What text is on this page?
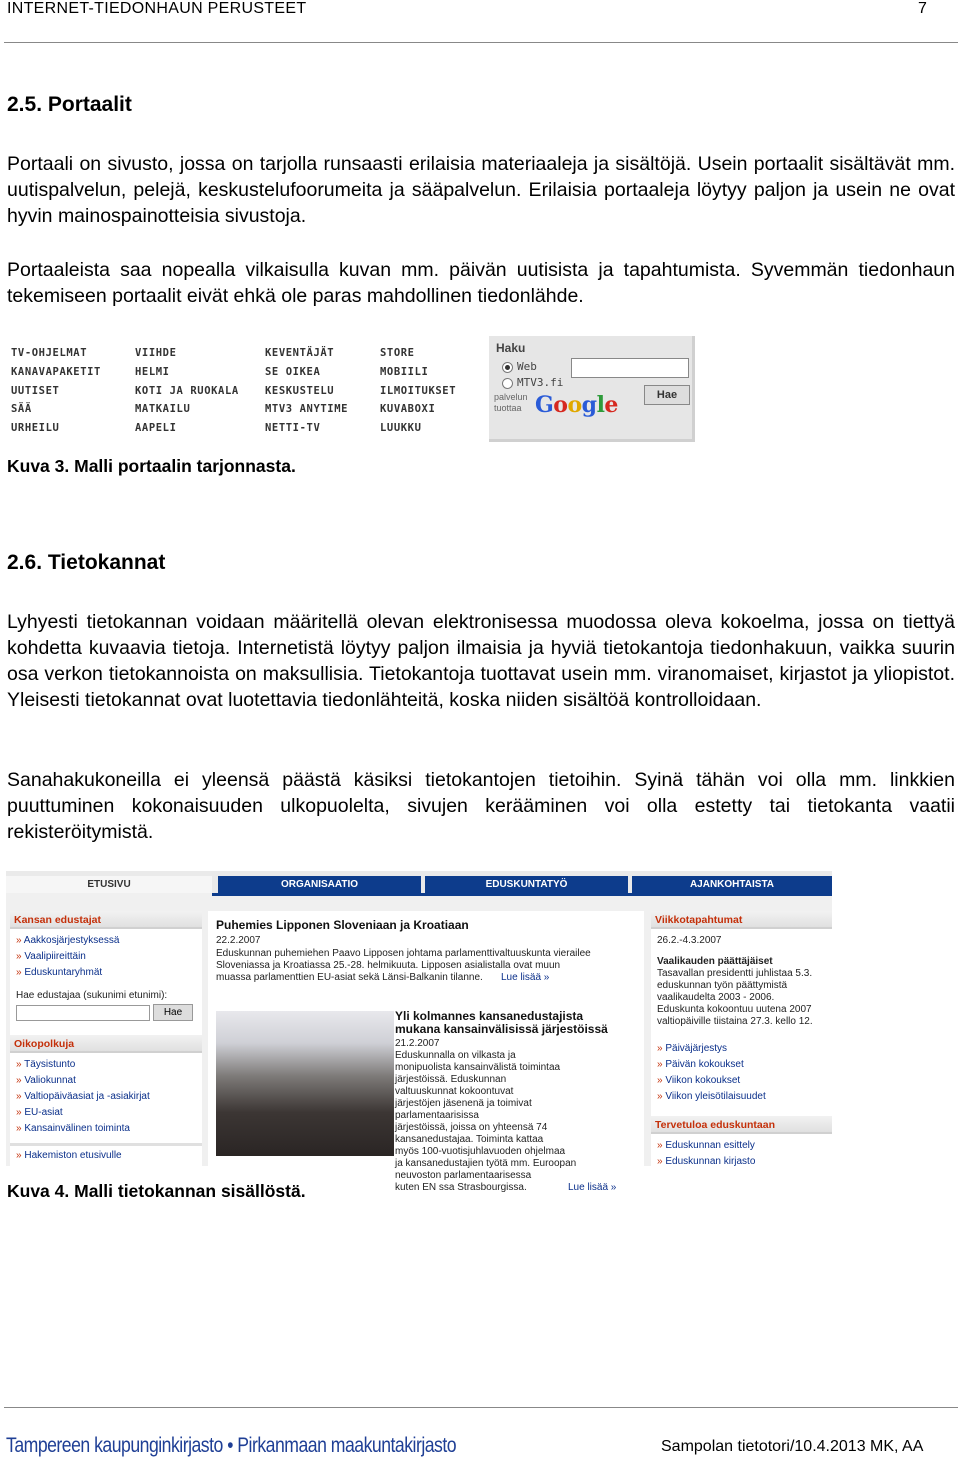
INTERNET-TIEDONHAUN PERUSTEET	7
2.5. Portaalit

Portaali on sivusto, jossa on tarjolla runsaasti erilaisia materiaaleja ja sisältöjä. Usein portaalit sisältävät mm. uutispalvelun, pelejä, keskustelufoorumeita ja sääpalvelun. Erilaisia portaaleja löytyy paljon ja usein ne ovat hyvin mainospainotteisia sivustoja.

Portaaleista saa nopealla vilkaisulla kuvan mm. päivän uutisista ja tapahtumista. Syvemmän tiedonhaun tekemiseen portaalit eivät ehkä ole paras mahdollinen tiedonlähde.

TV-OHJELMAT
KANAVAPAKETIT
UUTISET
SÄÄ
URHEILU
VIIHDE
HELMI
KOTI JA RUOKALA
MATKAILU
AAPELI
KEVENTÄJÄT
SE OIKEA
KESKUSTELU
MTV3 ANYTIME
NETTI-TV
STORE
MOBIILI
ILMOITUKSET
KUVABOXI
LUUKKU
Haku
Web
MTV3.fi
Hae
palvelun tuottaa Google
Kuva 3. Malli portaalin tarjonnasta.
2.6. Tietokannat

Lyhyesti tietokannan voidaan määritellä olevan elektronisessa muodossa oleva kokoelma, jossa on tiettyä kohdetta kuvaavia tietoja. Internetistä löytyy paljon ilmaisia ja hyviä tietokantoja tiedonhakuun, vaikka suurin osa verkon tietokannoista on maksullisia. Tietokantoja tuottavat usein mm. viranomaiset, kirjastot ja yliopistot. Yleisesti tietokannat ovat luotettavia tiedonlähteitä, koska niiden sisältöä kontrolloidaan.

Sanahakukoneilla ei yleensä päästä käsiksi tietokantojen tietoihin. Syinä tähän voi olla mm. linkkien puuttuminen kokonaisuuden ulkopuolelta, sivujen kerääminen voi olla estetty tai tietokanta vaatii rekisteröitymistä.

ETUSIVU	ORGANISAATIO	EDUSKUNTATYÖ	AJANKOHTAISTA
Kansan edustajat
» Aakkosjärjestyksessä
» Vaalipiireittäin
» Eduskuntaryhmät
Hae edustajaa (sukunimi etunimi):
Hae
Oikopolkuja
» Täysistunto
» Valiokunnat
» Valtiopäiväasiat ja -asiakirjat
» EU-asiat
» Kansainvälinen toiminta
» Hakemiston etusivulle
Puhemies Lipponen Sloveniaan ja Kroatiaan
22.2.2007
Eduskunnan puhemiehen Paavo Lipposen johtama parlamenttivaltuuskunta vierailee
Sloveniassa ja Kroatiassa 25.-28. helmikuuta. Lipposen asialistalla ovat muun
muassa parlamenttien EU-asiat sekä Länsi-Balkanin tilanne. Lue lisää »
Yli kolmannes kansanedustajista
mukana kansainvälisissä järjestöissä
21.2.2007
Eduskunnalla on vilkasta ja
monipuolista kansainvälistä toimintaa
järjestöissä. Eduskunnan
valtuuskunnat kokoontuvat
järjestöjen jäsenenä ja toimivat
parlamentaarisissa
järjestöissä, joissa on yhteensä 74
kansanedustajaa. Toiminta kattaa
myös 100-vuotisjuhlavuoden ohjelmaa
ja kansanedustajien työtä mm. Euroopan
neuvoston parlamentaarisessa
kuten EN ssa Strasbourgissa.	Lue lisää »
Viikkotapahtumat
26.2.-4.3.2007
Vaalikauden päättäjäiset
Tasavallan presidentti juhlistaa 5.3.
eduskunnan työn päättymistä
vaalikaudelta 2003 - 2006.
Eduskunta kokoontuu uutena 2007
valtiopäiville tiistaina 27.3. kello 12.
» Päiväjärjestys
» Päivän kokoukset
» Viikon kokoukset
» Viikon yleisötilaisuudet
Tervetuloa eduskuntaan
» Eduskunnan esittely
» Eduskunnan kirjasto
Kuva 4. Malli tietokannan sisällöstä.
Tampereen kaupunginkirjasto • Pirkanmaan maakuntakirjasto	Sampolan tietotori/10.4.2013 MK, AA
